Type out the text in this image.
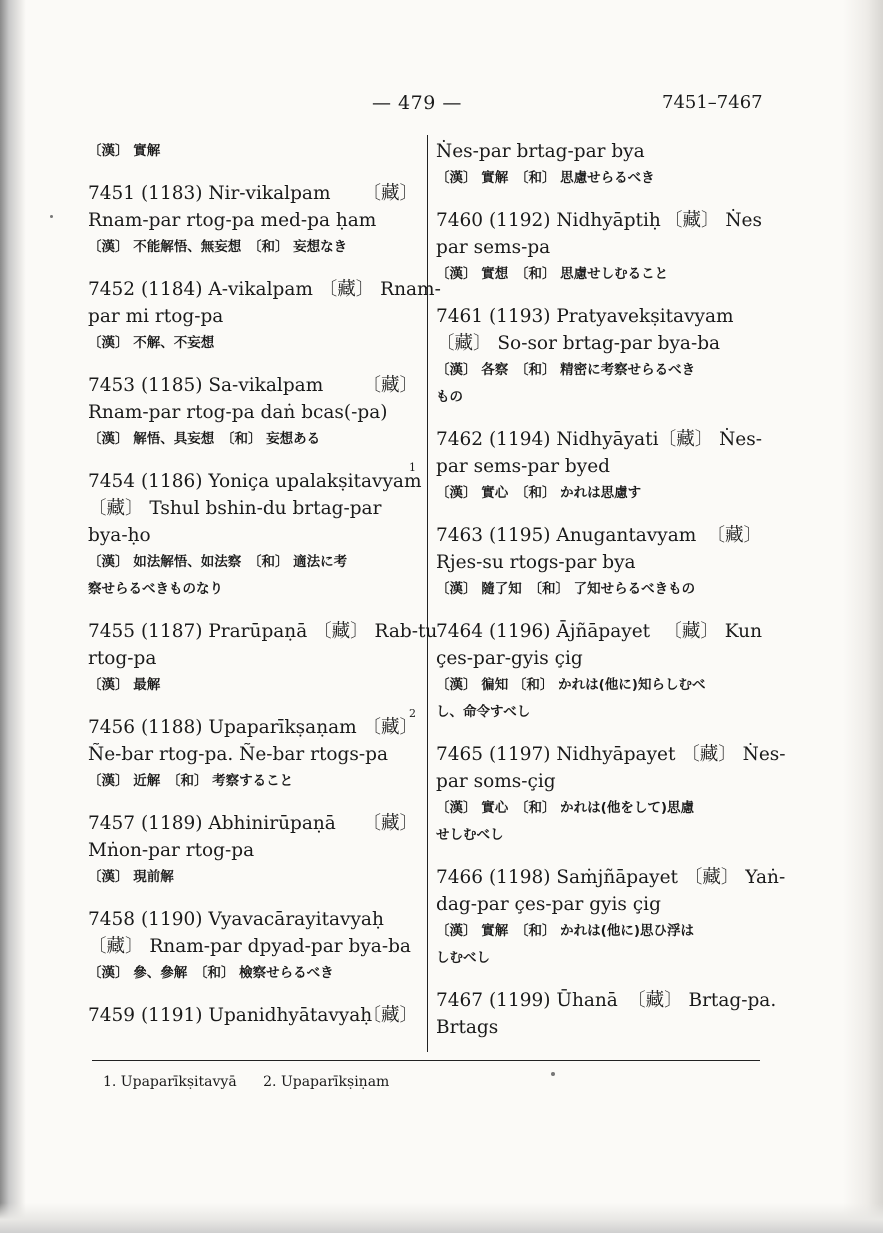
— 479 —	7451–7467
〔漢〕 實解
7451 (1183) Nir-vikalpam 〔藏〕
Rnam-par rtog-pa med-pa ḥam
〔漢〕 不能解悟、無妄想　〔和〕 妄想なき
7452 (1184) A-vikalpam 〔藏〕 Rnam-
par mi rtog-pa
〔漢〕 不解、不妄想
7453 (1185) Sa-vikalpam 〔藏〕
Rnam-par rtog-pa daṅ bcas(-pa)
〔漢〕 解悟、具妄想　〔和〕 妄想ある
7454 (1186) Yoniça upalakṣitavyam
1
〔藏〕 Tshul bshin-du brtag-par
bya-ḥo
〔漢〕 如法解悟、如法察　〔和〕 適法に考
察せらるべきものなり
7455 (1187) Prarūpaṇā 〔藏〕 Rab-tu
rtog-pa
〔漢〕 最解
7456 (1188) Upaparīkṣaṇam
2
〔藏〕
Ñe-bar rtog-pa. Ñe-bar rtogs-pa
〔漢〕 近解　〔和〕 考察すること
7457 (1189) Abhinirūpaṇā 〔藏〕
Mṅon-par rtog-pa
〔漢〕 現前解
7458 (1190) Vyavacārayitavyaḥ
〔藏〕 Rnam-par dpyad-par bya-ba
〔漢〕 參、參解　〔和〕 檢察せらるべき
7459 (1191) Upanidhyātavyaḥ
〔藏〕
Ṅes-par brtag-par bya
〔漢〕 實解　〔和〕 思慮せらるべき
7460 (1192) Nidhyāptiḥ 〔藏〕 Ṅes
par sems-pa
〔漢〕 實想　〔和〕 思慮せしむること
7461 (1193) Pratyavekṣitavyam
〔藏〕 So-sor brtag-par bya-ba
〔漢〕 各察　〔和〕 精密に考察せらるべき
もの
7462 (1194) Nidhyāyati 〔藏〕 Ṅes-
par sems-par byed
〔漢〕 實心　〔和〕 かれは思慮す
7463 (1195) Anugantavyam 〔藏〕
Rjes-su rtogs-par bya
〔漢〕 隨了知　〔和〕 了知せらるべきもの
7464 (1196) Ājñāpayet 〔藏〕 Kun
çes-par-gyis çig
〔漢〕 徧知 〔和〕 かれは(他に)知らしむべ
し、命令すべし
7465 (1197) Nidhyāpayet 〔藏〕 Ṅes-
par soms-çig
〔漢〕 實心　〔和〕 かれは(他をして)思慮
せしむべし
7466 (1198) Saṁjñāpayet 〔藏〕 Yaṅ-
dag-par çes-par gyis çig
〔漢〕 實解　〔和〕 かれは(他に)思ひ浮は
しむべし
7467 (1199) Ūhanā　〔藏〕 Brtag-pa.
Brtags
1. Upaparīkṣitavyā 2. Upaparīkṣiṇam
